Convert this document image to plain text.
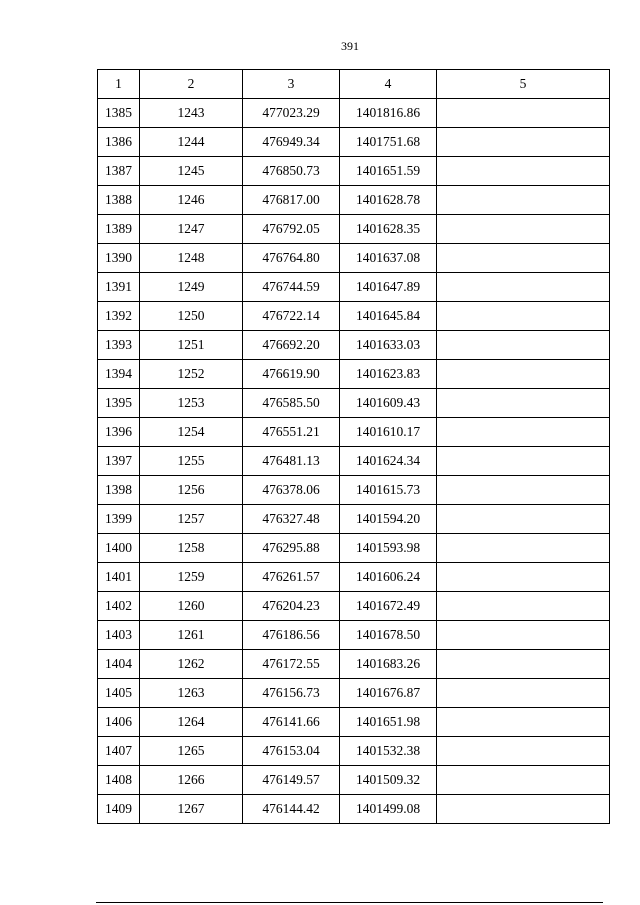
391
1	2	3	4	5
1385	1243	477023.29	1401816.86	
1386	1244	476949.34	1401751.68	
1387	1245	476850.73	1401651.59	
1388	1246	476817.00	1401628.78	
1389	1247	476792.05	1401628.35	
1390	1248	476764.80	1401637.08	
1391	1249	476744.59	1401647.89	
1392	1250	476722.14	1401645.84	
1393	1251	476692.20	1401633.03	
1394	1252	476619.90	1401623.83	
1395	1253	476585.50	1401609.43	
1396	1254	476551.21	1401610.17	
1397	1255	476481.13	1401624.34	
1398	1256	476378.06	1401615.73	
1399	1257	476327.48	1401594.20	
1400	1258	476295.88	1401593.98	
1401	1259	476261.57	1401606.24	
1402	1260	476204.23	1401672.49	
1403	1261	476186.56	1401678.50	
1404	1262	476172.55	1401683.26	
1405	1263	476156.73	1401676.87	
1406	1264	476141.66	1401651.98	
1407	1265	476153.04	1401532.38	
1408	1266	476149.57	1401509.32	
1409	1267	476144.42	1401499.08	
